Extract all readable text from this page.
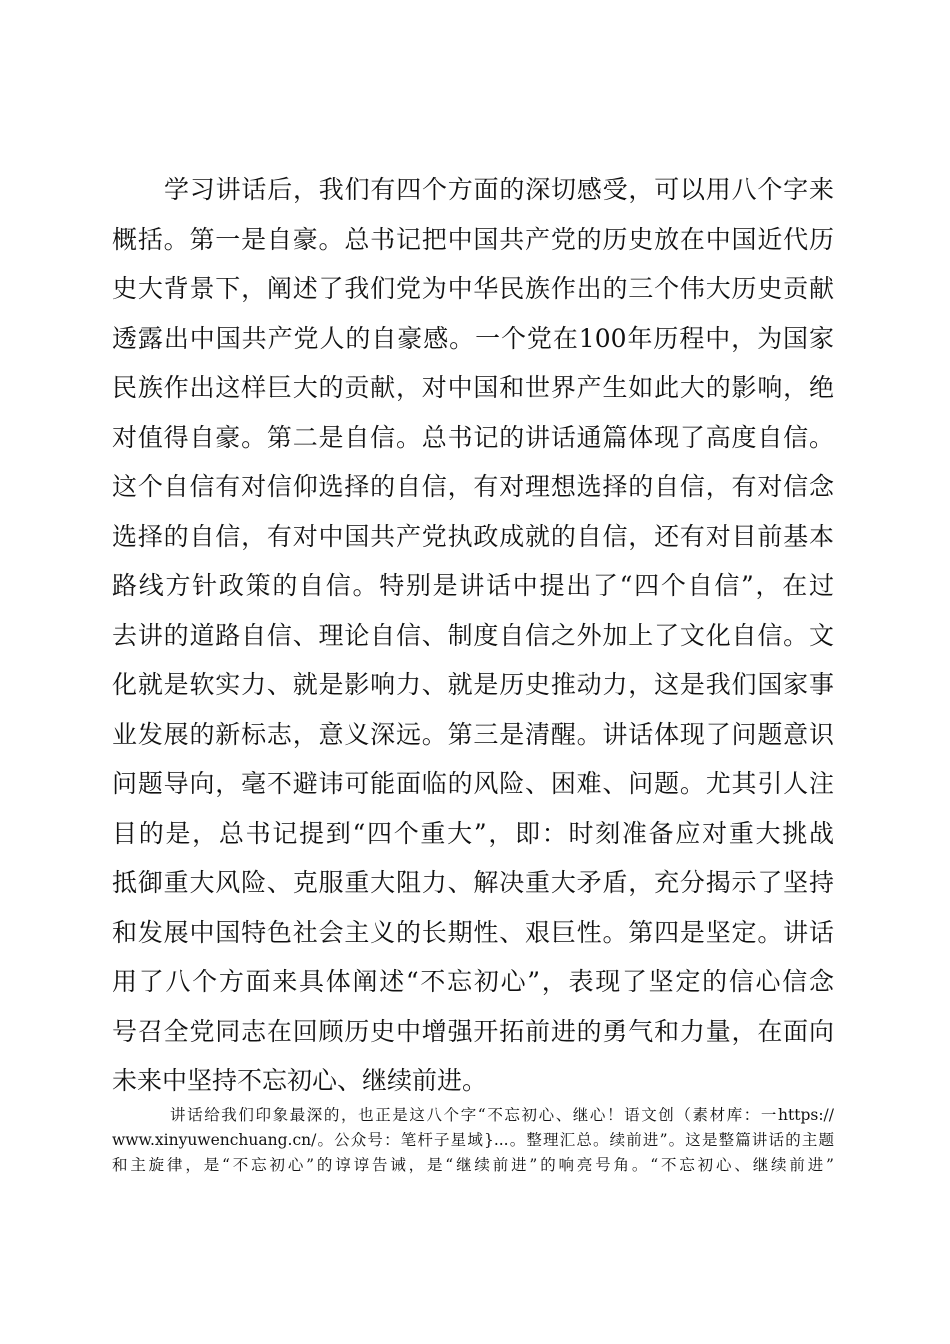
学习讲话后，我们有四个方面的深切感受，可以用八个字来
概括。第一是自豪。总书记把中国共产党的历史放在中国近代历
史大背景下，阐述了我们党为中华民族作出的三个伟大历史贡献
透露出中国共产党人的自豪感。一个党在100年历程中，为国家
民族作出这样巨大的贡献，对中国和世界产生如此大的影响，绝
对值得自豪。第二是自信。总书记的讲话通篇体现了高度自信。
这个自信有对信仰选择的自信，有对理想选择的自信，有对信念
选择的自信，有对中国共产党执政成就的自信，还有对目前基本
路线方针政策的自信。特别是讲话中提出了“四个自信”，在过
去讲的道路自信、理论自信、制度自信之外加上了文化自信。文
化就是软实力、就是影响力、就是历史推动力，这是我们国家事
业发展的新标志，意义深远。第三是清醒。讲话体现了问题意识
问题导向，毫不避讳可能面临的风险、困难、问题。尤其引人注
目的是，总书记提到“四个重大”，即：时刻准备应对重大挑战
抵御重大风险、克服重大阻力、解决重大矛盾，充分揭示了坚持
和发展中国特色社会主义的长期性、艰巨性。第四是坚定。讲话
用了八个方面来具体阐述“不忘初心”，表现了坚定的信心信念
号召全党同志在回顾历史中增强开拓前进的勇气和力量，在面向
未来中坚持不忘初心、继续前进。
讲话给我们印象最深的，也正是这八个字“不忘初心、继心！语文创（素材库：一https://
www.xinyuwenchuang.cn/。公众号：笔杆子星域}...。整理汇总。续前进”。这是整篇讲话的主题
和主旋律，是“不忘初心”的谆谆告诫，是“继续前进”的响亮号角。“不忘初心、继续前进”
